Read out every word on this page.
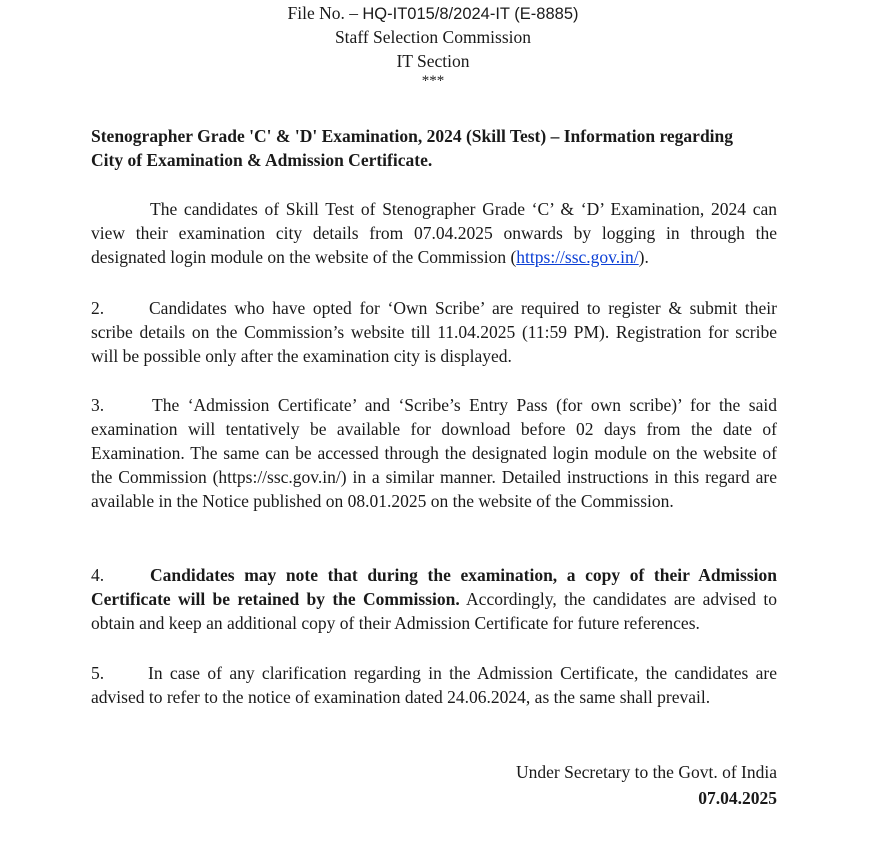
File No. – HQ-IT015/8/2024-IT (E-8885)
Staff Selection Commission
IT Section
***
Stenographer Grade 'C' & 'D' Examination, 2024 (Skill Test) – Information regarding
City of Examination & Admission Certificate.
The candidates of Skill Test of Stenographer Grade ‘C’ & ‘D’ Examination, 2024 can view their examination city details from 07.04.2025 onwards by logging in through the designated login module on the website of the Commission (https://ssc.gov.in/).
2.	Candidates who have opted for ‘Own Scribe’ are required to register & submit their scribe details on the Commission’s website till 11.04.2025 (11:59 PM). Registration for scribe will be possible only after the examination city is displayed.
3.	The ‘Admission Certificate’ and ‘Scribe’s Entry Pass (for own scribe)’ for the said examination will tentatively be available for download before 02 days from the date of Examination. The same can be accessed through the designated login module on the website of the Commission (https://ssc.gov.in/) in a similar manner. Detailed instructions in this regard are available in the Notice published on 08.01.2025 on the website of the Commission.
4.	Candidates may note that during the examination, a copy of their Admission Certificate will be retained by the Commission. Accordingly, the candidates are advised to obtain and keep an additional copy of their Admission Certificate for future references.
5.	In case of any clarification regarding in the Admission Certificate, the candidates are advised to refer to the notice of examination dated 24.06.2024, as the same shall prevail.
Under Secretary to the Govt. of India
07.04.2025
